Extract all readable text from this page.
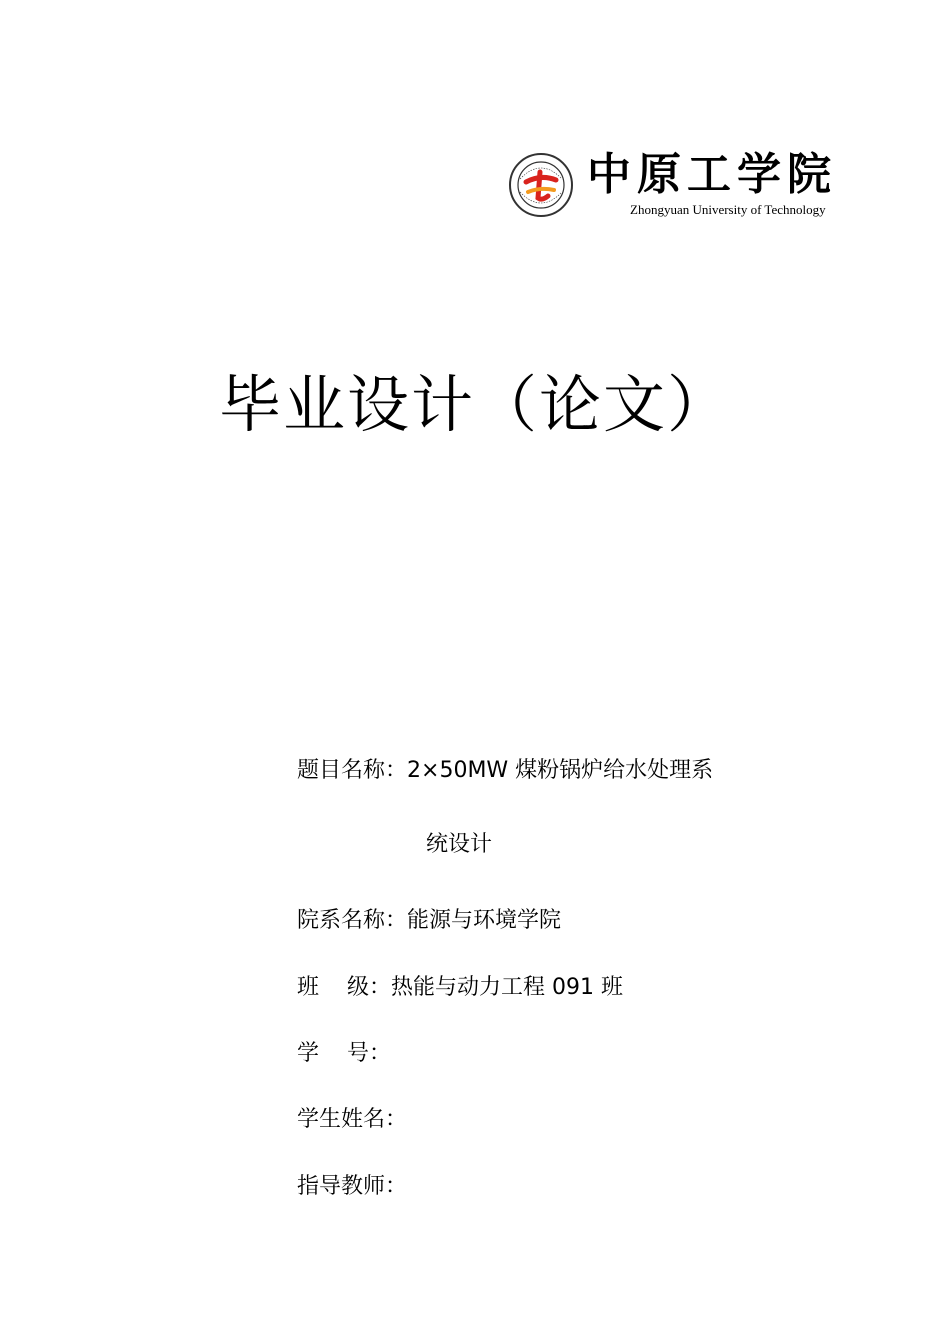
中原工学院
Zhongyuan University of Technology
毕业设计（论文）
题目名称：2×50MW 煤粉锅炉给水处理系
统设计
院系名称：能源与环境学院
班    级：热能与动力工程 091 班
学    号：
学生姓名：
指导教师：
